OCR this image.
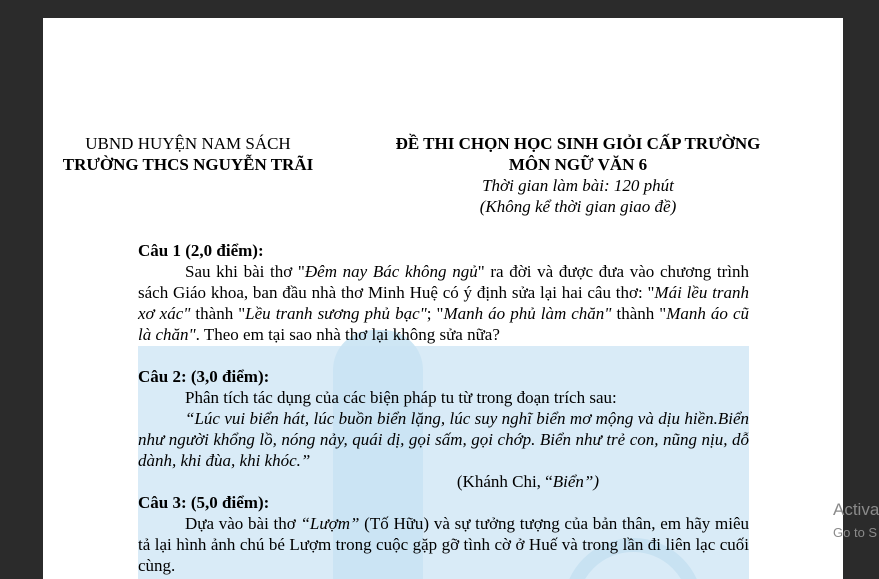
UBND HUYỆN NAM SÁCH
TRƯỜNG THCS NGUYỄN TRÃI
ĐỀ THI CHỌN HỌC SINH GIỎI CẤP TRƯỜNG
MÔN NGỮ VĂN 6
Thời gian làm bài: 120 phút
(Không kể thời gian giao đề)

Câu 1 (2,0 điểm):

Sau khi bài thơ "Đêm nay Bác không ngủ" ra đời và được đưa vào chương trình sách Giáo khoa, ban đầu nhà thơ Minh Huệ có ý định sửa lại hai câu thơ: "Mái lều tranh xơ xác" thành "Lều tranh sương phủ bạc"; "Manh áo phủ làm chăn" thành "Manh áo cũ là chăn". Theo em tại sao nhà thơ lại không sửa nữa?

Câu 2: (3,0 điểm):

Phân tích tác dụng của các biện pháp tu từ trong đoạn trích sau:

“Lúc vui biển hát, lúc buồn biển lặng, lúc suy nghĩ biển mơ mộng và dịu hiền.Biển như người khổng lồ, nóng nảy, quái dị, gọi sấm, gọi chớp. Biển như trẻ con, nũng nịu, dỗ dành, khi đùa, khi khóc.”

(Khánh Chi, “Biển”)

Câu 3: (5,0 điểm):

Dựa vào bài thơ “Lượm” (Tố Hữu) và sự tưởng tượng của bản thân, em hãy miêu tả lại hình ảnh chú bé Lượm trong cuộc gặp gỡ tình cờ ở Huế và trong lần đi liên lạc cuối cùng.

Activa
Go to S
